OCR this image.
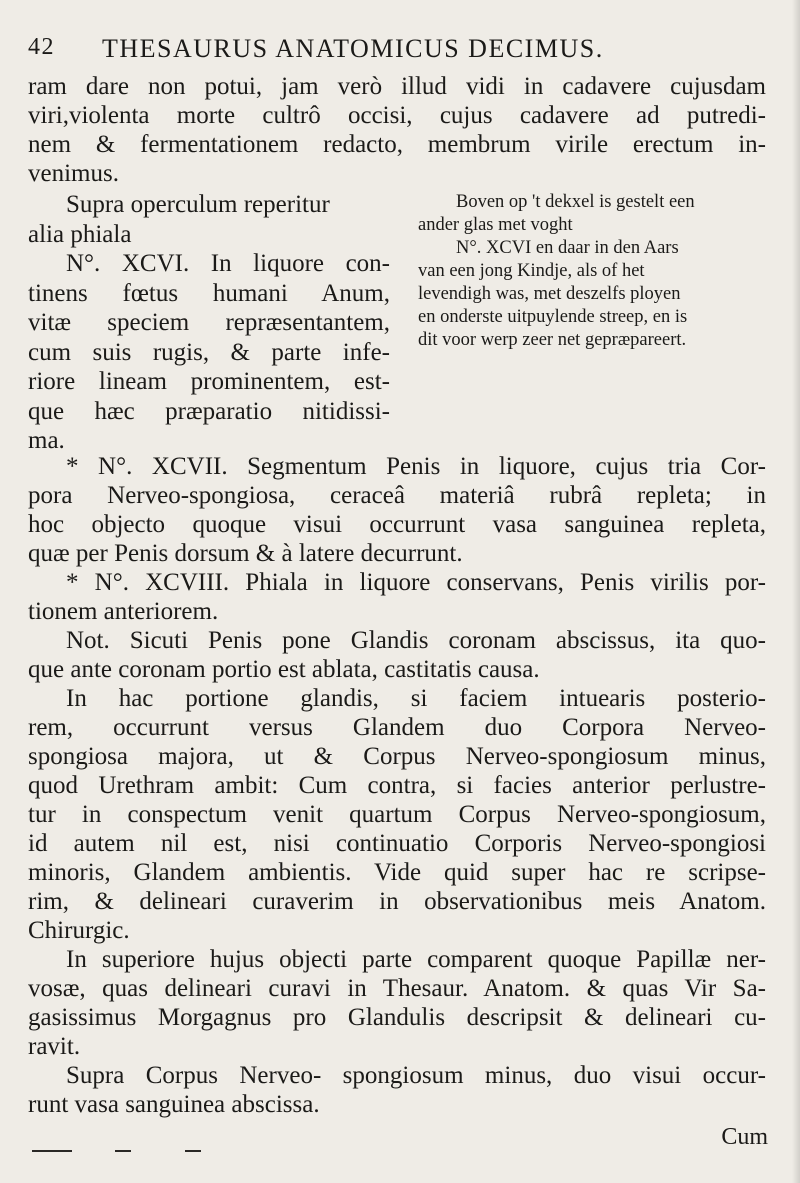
42 THESAURUS ANATOMICUS DECIMUS.
ram dare non potui, jam verò illud vidi in cadavere cujusdam
viri,violenta morte cultrô occisi, cujus cadavere ad putredi-
nem & fermentationem redacto, membrum virile erectum in-
venimus.
Supra operculum reperitur
alia phiala
N°. XCVI. In liquore con-
tinens fœtus humani Anum,
vitæ speciem repræsentantem,
cum suis rugis, & parte infe-
riore lineam prominentem, est-
que hæc præparatio nitidissi-
ma.
Boven op 't dekxel is gestelt een
ander glas met voght
N°. XCVI en daar in den Aars
van een jong Kindje, als of het
levendigh was, met deszelfs ployen
en onderste uitpuylende streep, en is
dit voor werp zeer net gepræpareert.
* N°. XCVII. Segmentum Penis in liquore, cujus tria Cor-
pora Nerveo-spongiosa, ceraceâ materiâ rubrâ repleta; in
hoc objecto quoque visui occurrunt vasa sanguinea repleta,
quæ per Penis dorsum & à latere decurrunt.
* N°. XCVIII. Phiala in liquore conservans, Penis virilis por-
tionem anteriorem.
Not. Sicuti Penis pone Glandis coronam abscissus, ita quo-
que ante coronam portio est ablata, castitatis causa.
In hac portione glandis, si faciem intuearis posterio-
rem, occurrunt versus Glandem duo Corpora Nerveo-
spongiosa majora, ut & Corpus Nerveo-spongiosum minus,
quod Urethram ambit: Cum contra, si facies anterior perlustre-
tur in conspectum venit quartum Corpus Nerveo-spongiosum,
id autem nil est, nisi continuatio Corporis Nerveo-spongiosi
minoris, Glandem ambientis. Vide quid super hac re scripse-
rim, & delineari curaverim in observationibus meis Anatom.
Chirurgic.
In superiore hujus objecti parte comparent quoque Papillæ ner-
vosæ, quas delineari curavi in Thesaur. Anatom. & quas Vir Sa-
gasissimus Morgagnus pro Glandulis descripsit & delineari cu-
ravit.
Supra Corpus Nerveo- spongiosum minus, duo visui occur-
runt vasa sanguinea abscissa.
Cum
